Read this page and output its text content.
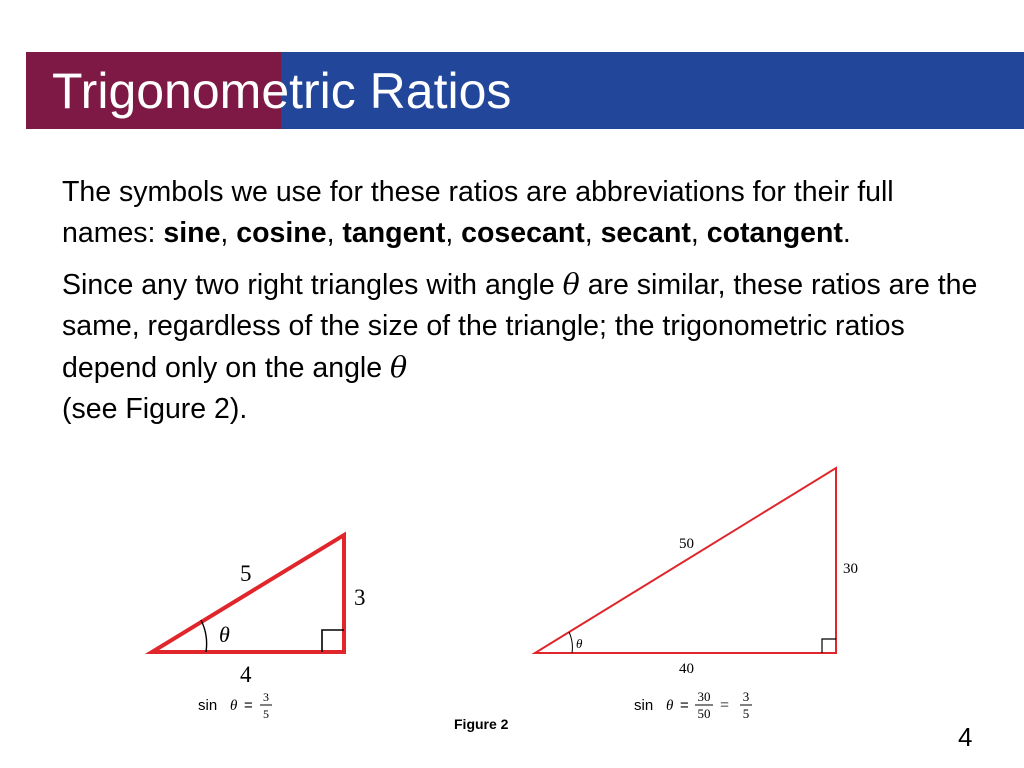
Trigonometric Ratios

The symbols we use for these ratios are abbreviations for their full names: sine, cosine, tangent, cosecant, secant, cotangent.

Since any two right triangles with angle θ are similar, these ratios are the same, regardless of the size of the triangle; the trigonometric ratios depend only on the angle θ
(see Figure 2).

θ
5
3
4
sin θ = 3
5
θ
50
30
40
sin θ =
30
50 =
3
5
Figure 2	4
